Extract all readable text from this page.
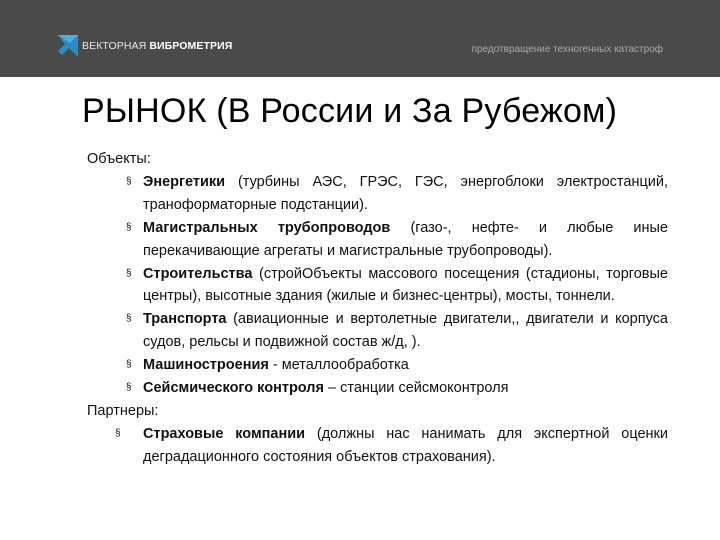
ВЕКТОРНАЯ ВИБРОМЕТРИЯ	предотвращение техногенных катастроф
РЫНОК (В России и За Рубежом)

Объекты:

§ Энергетики (турбины АЭС, ГРЭС, ГЭС, энергоблоки электростанций, траноформаторные подстанции).
§ Магистральных трубопроводов (газо-, нефте- и любые иные перекачивающие агрегаты и магистральные трубопроводы).
§ Строительства (стройОбъекты массового посещения (стадионы, торговые центры), высотные здания (жилые и бизнес-центры), мосты, тоннели.
§ Транспорта (авиационные и вертолетные двигатели,, двигатели и корпуса судов, рельсы и подвижной состав ж/д, ).
§ Машиностроения - металлообработка
§ Сейсмического контроля – станции сейсмоконтроля

Партнеры:

§ Страховые компании (должны нас нанимать для экспертной оценки деградационного состояния объектов страхования).
